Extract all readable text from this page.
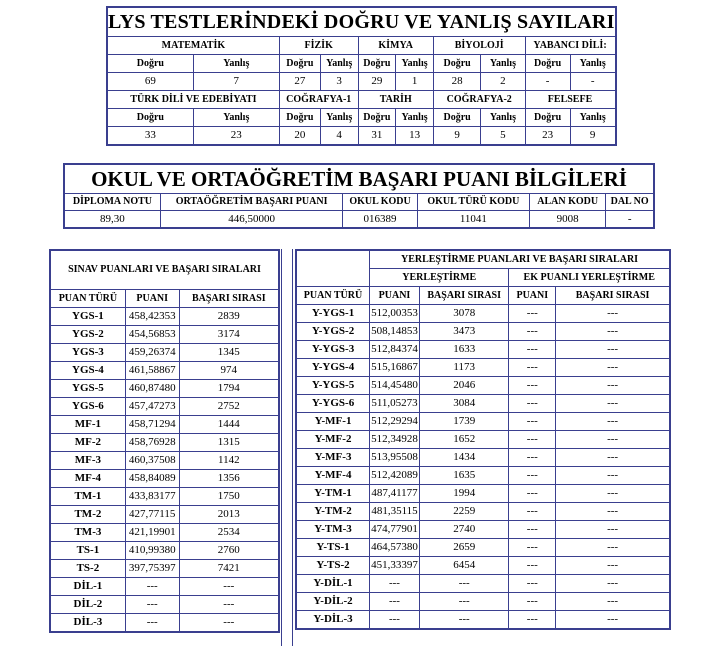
LYS TESTLERİNDEKİ DOĞRU VE YANLIŞ SAYILARI									
MATEMATİK		FİZİK		KİMYA		BİYOLOJİ		YABANCI DİLİ:	
Doğru	Yanlış	Doğru	Yanlış	Doğru	Yanlış	Doğru	Yanlış	Doğru	Yanlış
69	7	27	3	29	1	28	2	-	-
TÜRK DİLİ VE EDEBİYATI		COĞRAFYA-1		TARİH		COĞRAFYA-2		FELSEFE	
Doğru	Yanlış	Doğru	Yanlış	Doğru	Yanlış	Doğru	Yanlış	Doğru	Yanlış
33	23	20	4	31	13	9	5	23	9
OKUL VE ORTAÖĞRETİM BAŞARI PUANI BİLGİLERİ					
DİPLOMA NOTU	ORTAÖĞRETİM BAŞARI PUANI	OKUL KODU	OKUL TÜRÜ KODU	ALAN KODU	DAL NO
89,30	446,50000	016389	11041	9008	-
SINAV PUANLARI VE BAŞARI SIRALARI		
PUAN TÜRÜ	PUANI	BAŞARI SIRASI
YGS-1	458,42353	2839
YGS-2	454,56853	3174
YGS-3	459,26374	1345
YGS-4	461,58867	974
YGS-5	460,87480	1794
YGS-6	457,47273	2752
MF-1	458,71294	1444
MF-2	458,76928	1315
MF-3	460,37508	1142
MF-4	458,84089	1356
TM-1	433,83177	1750
TM-2	427,77115	2013
TM-3	421,19901	2534
TS-1	410,99380	2760
TS-2	397,75397	7421
DİL-1	---	---
DİL-2	---	---
DİL-3	---	---
	YERLEŞTİRME PUANLARI VE BAŞARI SIRALARI			
	YERLEŞTİRME		EK PUANLI YERLEŞTİRME	
PUAN TÜRÜ	PUANI	BAŞARI SIRASI	PUANI	BAŞARI SIRASI
Y-YGS-1	512,00353	3078	---	---
Y-YGS-2	508,14853	3473	---	---
Y-YGS-3	512,84374	1633	---	---
Y-YGS-4	515,16867	1173	---	---
Y-YGS-5	514,45480	2046	---	---
Y-YGS-6	511,05273	3084	---	---
Y-MF-1	512,29294	1739	---	---
Y-MF-2	512,34928	1652	---	---
Y-MF-3	513,95508	1434	---	---
Y-MF-4	512,42089	1635	---	---
Y-TM-1	487,41177	1994	---	---
Y-TM-2	481,35115	2259	---	---
Y-TM-3	474,77901	2740	---	---
Y-TS-1	464,57380	2659	---	---
Y-TS-2	451,33397	6454	---	---
Y-DİL-1	---	---	---	---
Y-DİL-2	---	---	---	---
Y-DİL-3	---	---	---	---
